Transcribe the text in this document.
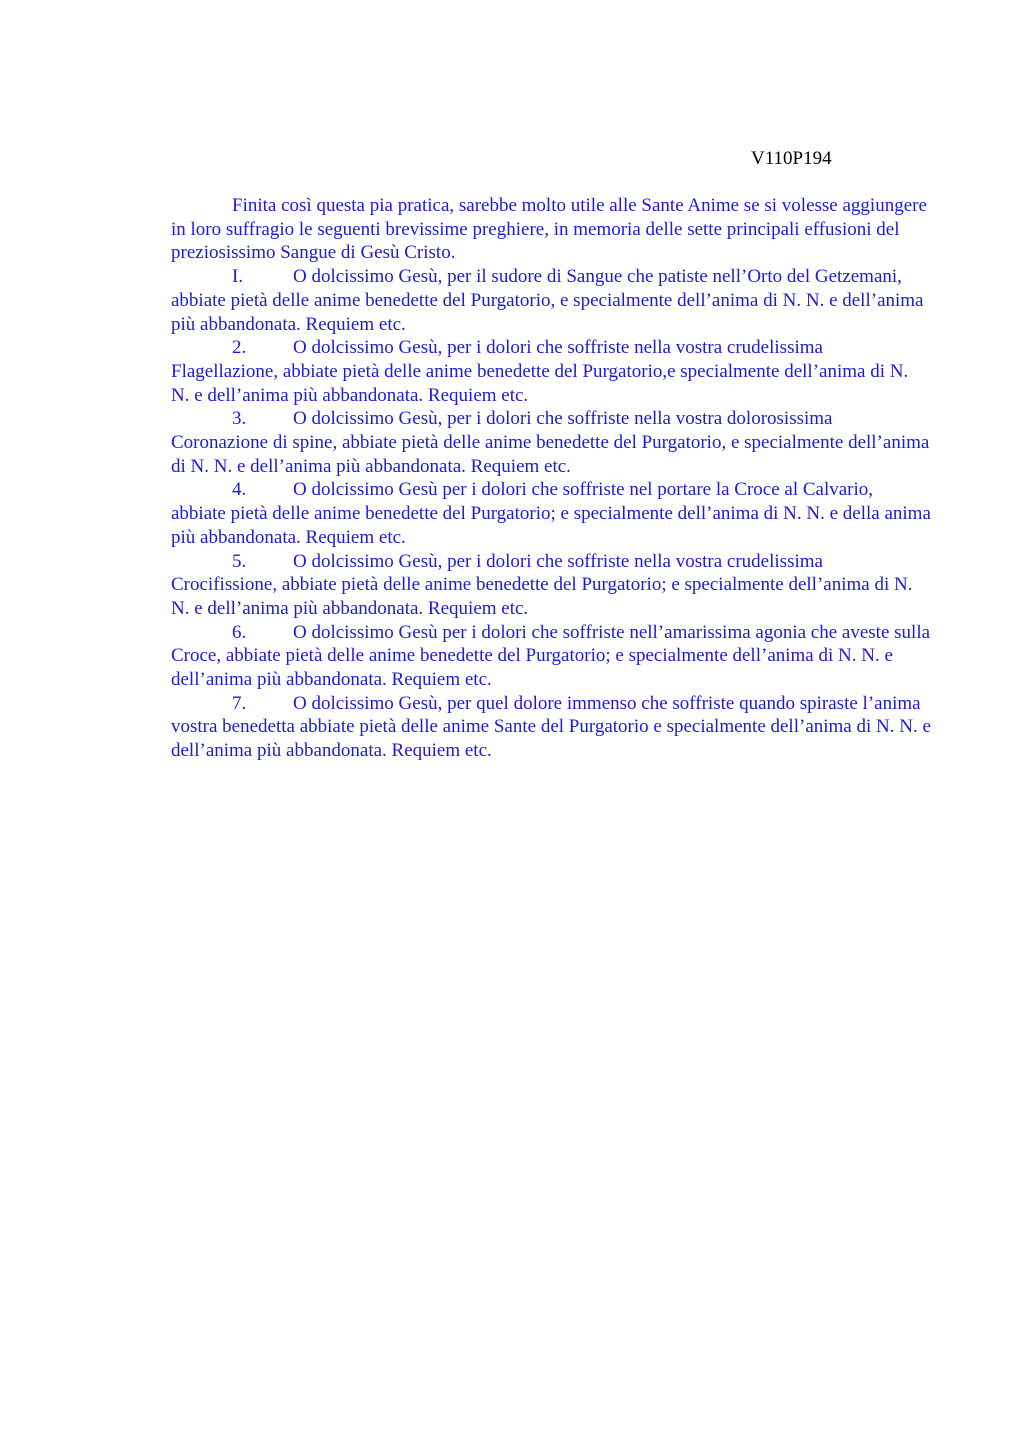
V110P194

Finita così questa pia pratica, sarebbe molto utile alle Sante Anime se si volesse aggiungere in loro suffragio le seguenti brevissime preghiere, in memoria delle sette principali effusioni del preziosissimo Sangue di Gesù Cristo.

I.	O dolcissimo Gesù, per il sudore di Sangue che patiste nell’Orto del Getzemani, abbiate pietà delle anime benedette del Purgatorio, e specialmente dell’anima di N. N. e dell’anima più abbandonata. Requiem etc.

2. O dolcissimo Gesù, per i dolori che soffriste nella vostra crudelissima Flagellazione, abbiate pietà delle anime benedette del Purgatorio,e specialmente dell’anima di N. N. e dell’anima più abbandonata. Requiem etc.

3. O dolcissimo Gesù, per i dolori che soffriste nella vostra dolorosissima Coronazione di spine, abbiate pietà delle anime benedette del Purgatorio, e specialmente dell’anima di N. N. e dell’anima più abbandonata. Requiem etc.

4. O dolcissimo Gesù per i dolori che soffriste nel portare la Croce al Calvario, abbiate pietà delle anime benedette del Purgatorio; e specialmente dell’anima di N. N. e della anima più abbandonata. Requiem etc.

5. O dolcissimo Gesù, per i dolori che soffriste nella vostra crudelissima Crocifissione, abbiate pietà delle anime benedette del Purgatorio; e specialmente dell’anima di N. N. e dell’anima più abbandonata. Requiem etc.

6. O dolcissimo Gesù per i dolori che soffriste nell’amarissima agonia che aveste sulla Croce, abbiate pietà delle anime benedette del Purgatorio; e specialmente dell’anima di N. N. e dell’anima più abbandonata. Requiem etc.

7. O dolcissimo Gesù, per quel dolore immenso che soffriste quando spiraste l’anima vostra benedetta abbiate pietà delle anime Sante del Purgatorio e specialmente dell’anima di N. N. e dell’anima più abbandonata. Requiem etc.
